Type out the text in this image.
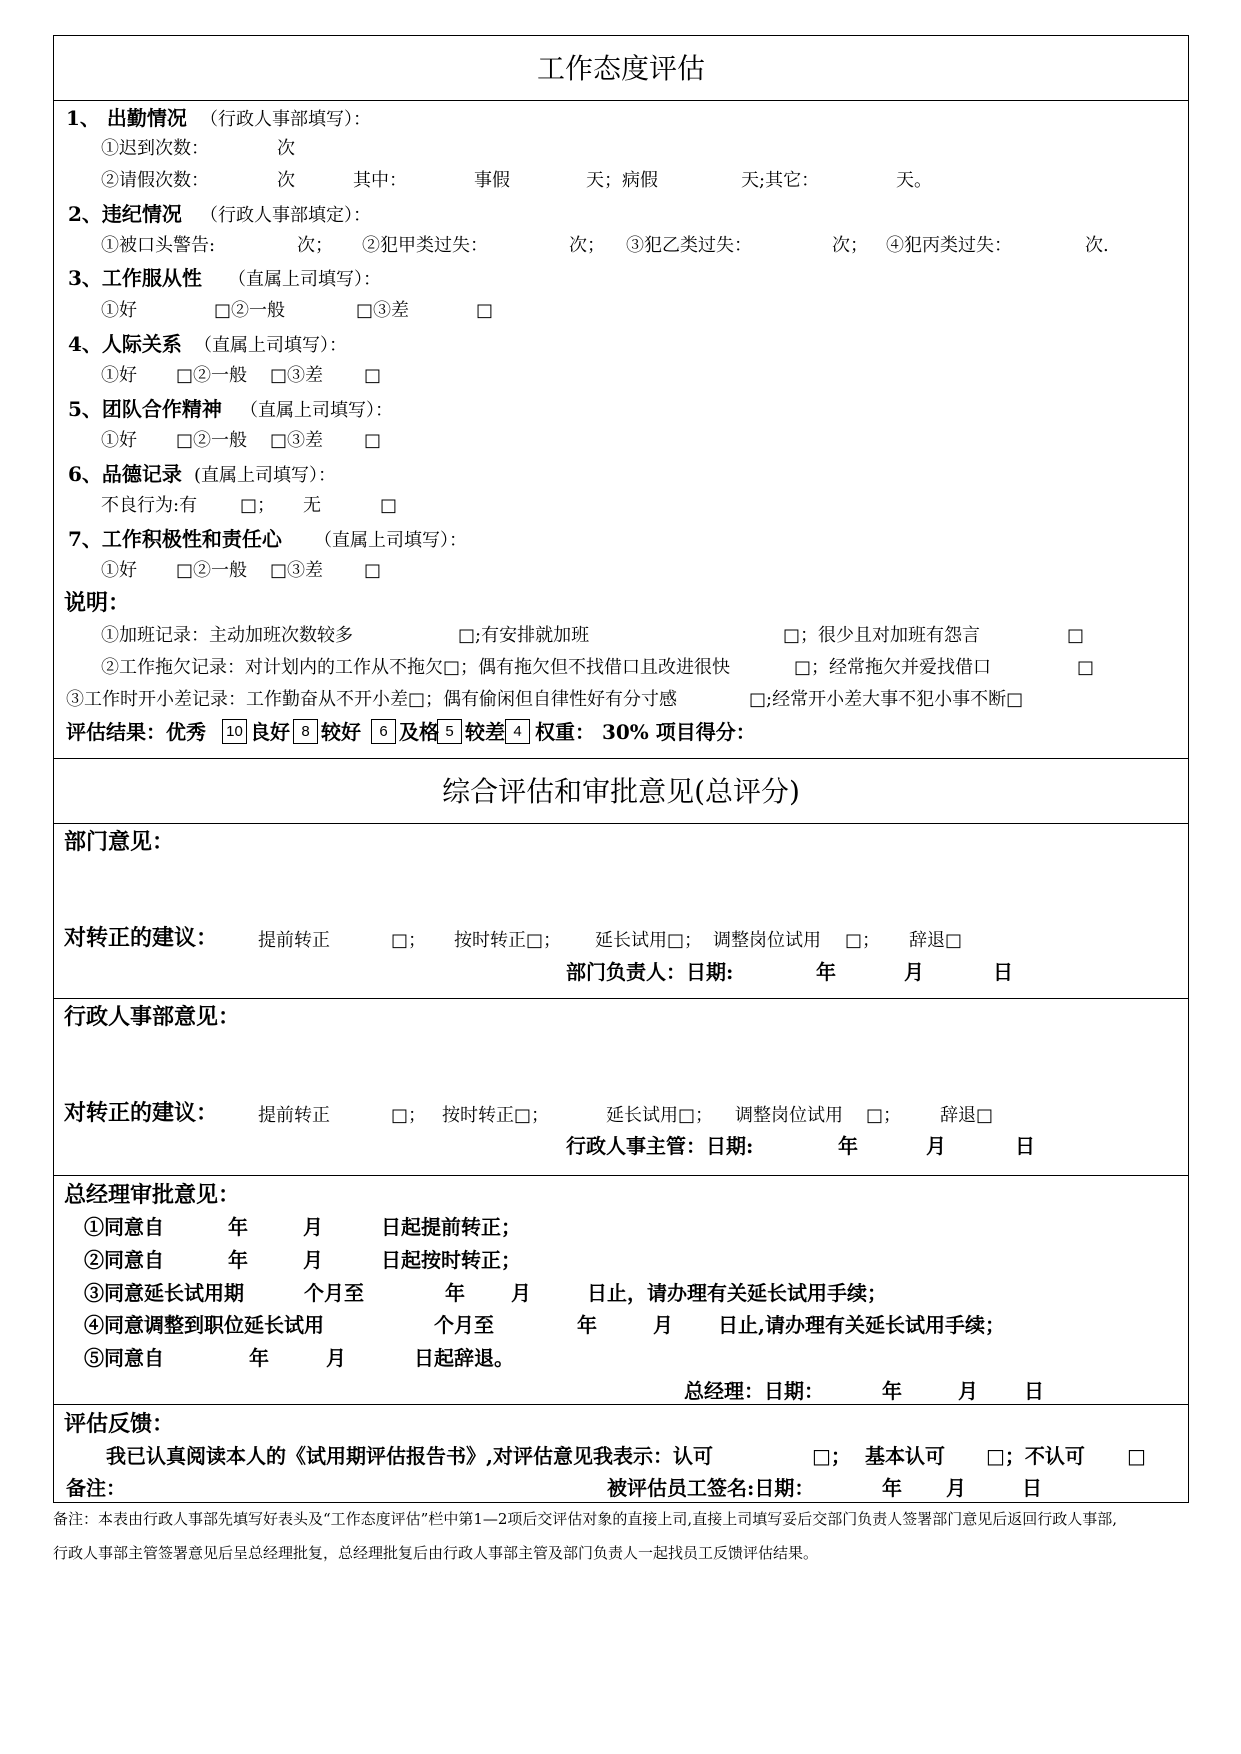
工作态度评估
1、 出勤情况 （行政人事部填写）：
①迟到次数：	次
②请假次数：	次	其中：	事假	天；病假	天;其它：	天。
2、违纪情况 （行政人事部填定）：
①被口头警告:	次； ②犯甲类过失：	次； ③犯乙类过失：	次； ④犯丙类过失：	次.
3、工作服从性 （直属上司填写）：
①好	□②一般	□③差	□
4、人际关系 （直属上司填写）：
①好 □②一般 □③差 □
5、团队合作精神 （直属上司填写）：
①好 □②一般 □③差 □
6、品德记录 (直属上司填写）：
不良行为:有 □； 无	□
7、工作积极性和责任心 （直属上司填写）：
①好 □②一般 □③差 □
说明：
①加班记录：主动加班次数较多	□;有安排就加班	□；很少且对加班有怨言	□
②工作拖欠记录：对计划内的工作从不拖欠□；偶有拖欠但不找借口且改进很快	□；经常拖欠并爱找借口	□
③工作时开小差记录：工作勤奋从不开小差□；偶有偷闲但自律性好有分寸感	□;经常开小差大事不犯小事不断□
评估结果：优秀 10 良好 8 较好	6 及格 5 较差 4 权重： 30% 项目得分：
综合评估和审批意见(总评分)
部门意见：
对转正的建议： 提前转正	□； 按时转正□； 延长试用□； 调整岗位试用 □； 辞退□
部门负责人：日期:	年	月	日
行政人事部意见：
对转正的建议： 提前转正	□； 按时转正□；	延长试用□； 调整岗位试用 □； 辞退□
行政人事主管：日期:	年	月	日
总经理审批意见：
①同意自	年	月	日起提前转正；
②同意自	年	月	日起按时转正；
③同意延长试用期	个月至	年 月	日止，请办理有关延长试用手续；
④同意调整到职位延长试用	个月至	年	月 日止,请办理有关延长试用手续；
⑤同意自	年	月	日起辞退。
总经理：日期：	年	月 日
评估反馈：
我已认真阅读本人的《试用期评估报告书》,对评估意见我表示：认可	□； 基本认可 □；不认可 □
备注：	被评估员工签名:日期：	年 月	日
备注：本表由行政人事部先填写好表头及“工作态度评估”栏中第1—2项后交评估对象的直接上司,直接上司填写妥后交部门负责人签署部门意见后返回行政人事部,
行政人事部主管签署意见后呈总经理批复，总经理批复后由行政人事部主管及部门负责人一起找员工反馈评估结果。
